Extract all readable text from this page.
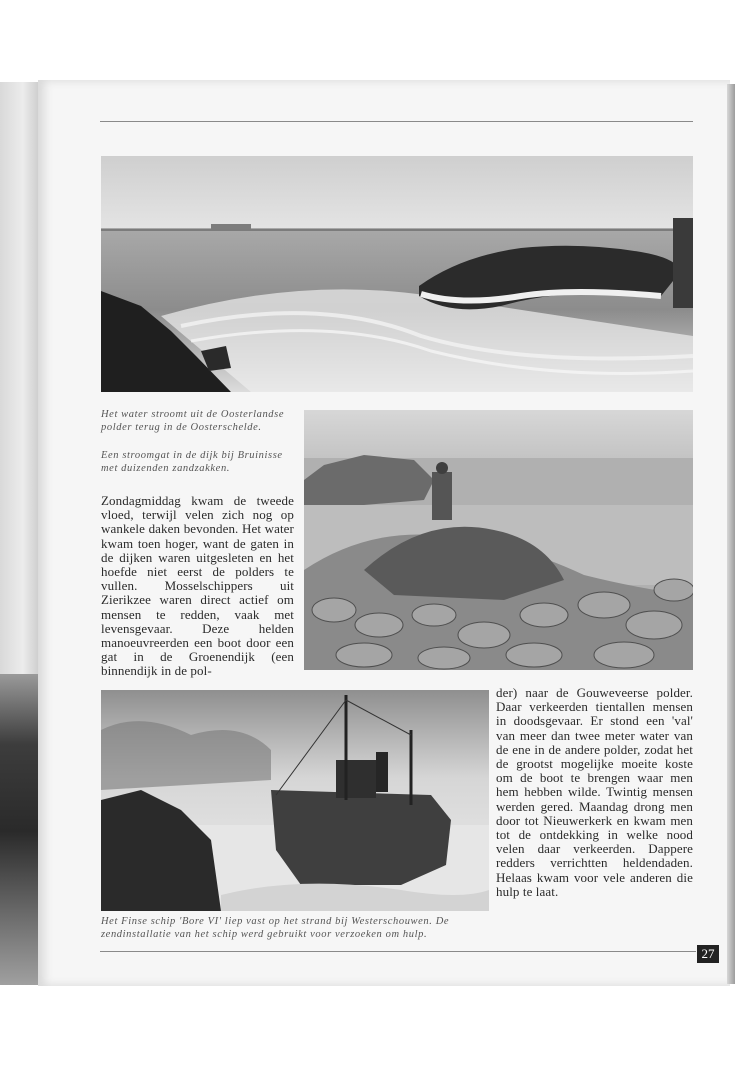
Het water stroomt uit de Oosterlandse polder terug in de Oosterschelde.
Een stroomgat in de dijk bij Bruinisse met duizenden zandzakken.
Zondagmiddag kwam de tweede vloed, terwijl velen zich nog op wankele daken bevonden. Het water kwam toen hoger, want de gaten in de dijken waren uitgesleten en het hoefde niet eerst de polders te vullen. Mosselschippers uit Zierikzee waren direct actief om mensen te redden, vaak met levensgevaar. Deze helden manoeuvreerden een boot door een gat in de Groenendijk (een binnendijk in de pol-
der) naar de Gouweveerse polder. Daar verkeerden tientallen mensen in doodsgevaar. Er stond een 'val' van meer dan twee meter water van de ene in de andere polder, zodat het de grootst mogelijke moeite koste om de boot te brengen waar men hem hebben wilde. Twintig mensen werden gered. Maandag drong men door tot Nieuwerkerk en kwam men tot de ontdekking in welke nood velen daar verkeerden. Dappere redders verrichtten heldendaden. Helaas kwam voor vele anderen die hulp te laat.
Het Finse schip 'Bore VI' liep vast op het strand bij Westerschouwen. De zendinstallatie van het schip werd gebruikt voor verzoeken om hulp.
27
